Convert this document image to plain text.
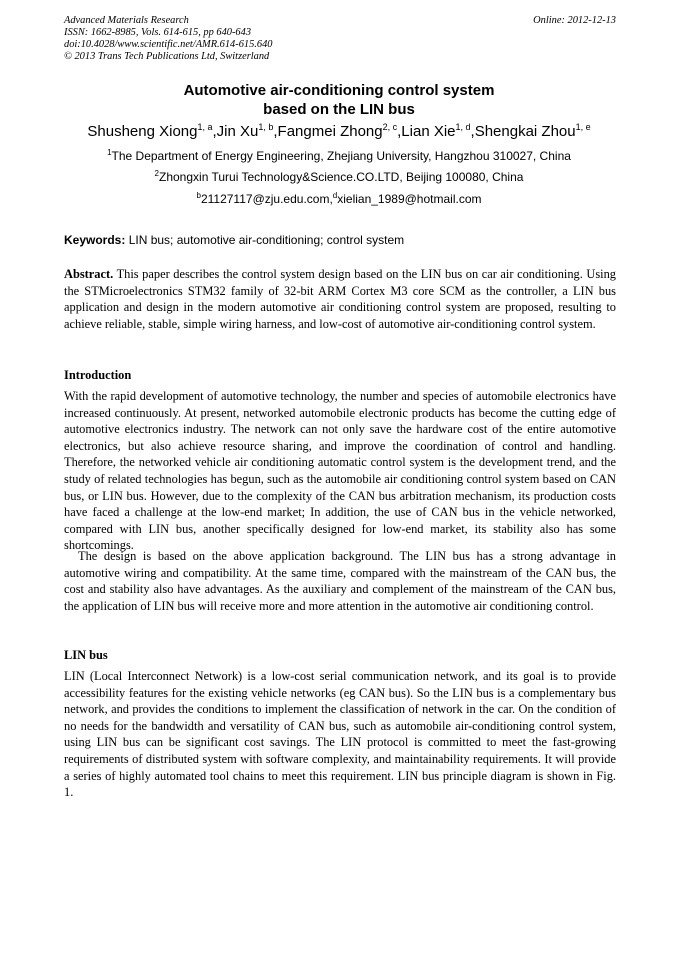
Advanced Materials Research
ISSN: 1662-8985, Vols. 614-615, pp 640-643
doi:10.4028/www.scientific.net/AMR.614-615.640
© 2013 Trans Tech Publications Ltd, Switzerland
Online: 2012-12-13
Automotive air-conditioning control system
based on the LIN bus
Shusheng Xiong$^{1, a}$,Jin Xu$^{1, b}$,Fangmei Zhong$^{2, c}$,Lian Xie$^{1, d}$,Shengkai Zhou$^{1, e}$
$^1$The Department of Energy Engineering, Zhejiang University, Hangzhou 310027, China
$^2$Zhongxin Turui Technology&Science.CO.LTD, Beijing 100080, China
$^b$21127117@zju.edu.com,$^d$xielian_1989@hotmail.com
Keywords: LIN bus; automotive air-conditioning; control system
Abstract. This paper describes the control system design based on the LIN bus on car air conditioning. Using the STMicroelectronics STM32 family of 32-bit ARM Cortex M3 core SCM as the controller, a LIN bus application and design in the modern automotive air conditioning control system are proposed, resulting to achieve reliable, stable, simple wiring harness, and low-cost of automotive air-conditioning control system.
Introduction
With the rapid development of automotive technology, the number and species of automobile electronics have increased continuously. At present, networked automobile electronic products has become the cutting edge of automotive electronics industry. The network can not only save the hardware cost of the entire automotive electronics, but also achieve resource sharing, and improve the coordination of control and handling. Therefore, the networked vehicle air conditioning automatic control system is the development trend, and the study of related technologies has begun, such as the automobile air conditioning control system based on CAN bus, or LIN bus. However, due to the complexity of the CAN bus arbitration mechanism, its production costs have faced a challenge at the low-end market; In addition, the use of CAN bus in the vehicle networked, compared with LIN bus, another specifically designed for low-end market, its stability also has some shortcomings.
The design is based on the above application background. The LIN bus has a strong advantage in automotive wiring and compatibility. At the same time, compared with the mainstream of the CAN bus, the cost and stability also have advantages. As the auxiliary and complement of the mainstream of the CAN bus, the application of LIN bus will receive more and more attention in the automotive air conditioning control.
LIN bus
LIN (Local Interconnect Network) is a low-cost serial communication network, and its goal is to provide accessibility features for the existing vehicle networks (eg CAN bus). So the LIN bus is a complementary bus network, and provides the conditions to implement the classification of network in the car. On the condition of no needs for the bandwidth and versatility of CAN bus, such as automobile air-conditioning control system, using LIN bus can be significant cost savings. The LIN protocol is committed to meet the fast-growing requirements of distributed system with software complexity, and maintainability requirements. It will provide a series of highly automated tool chains to meet this requirement. LIN bus principle diagram is shown in Fig. 1.
